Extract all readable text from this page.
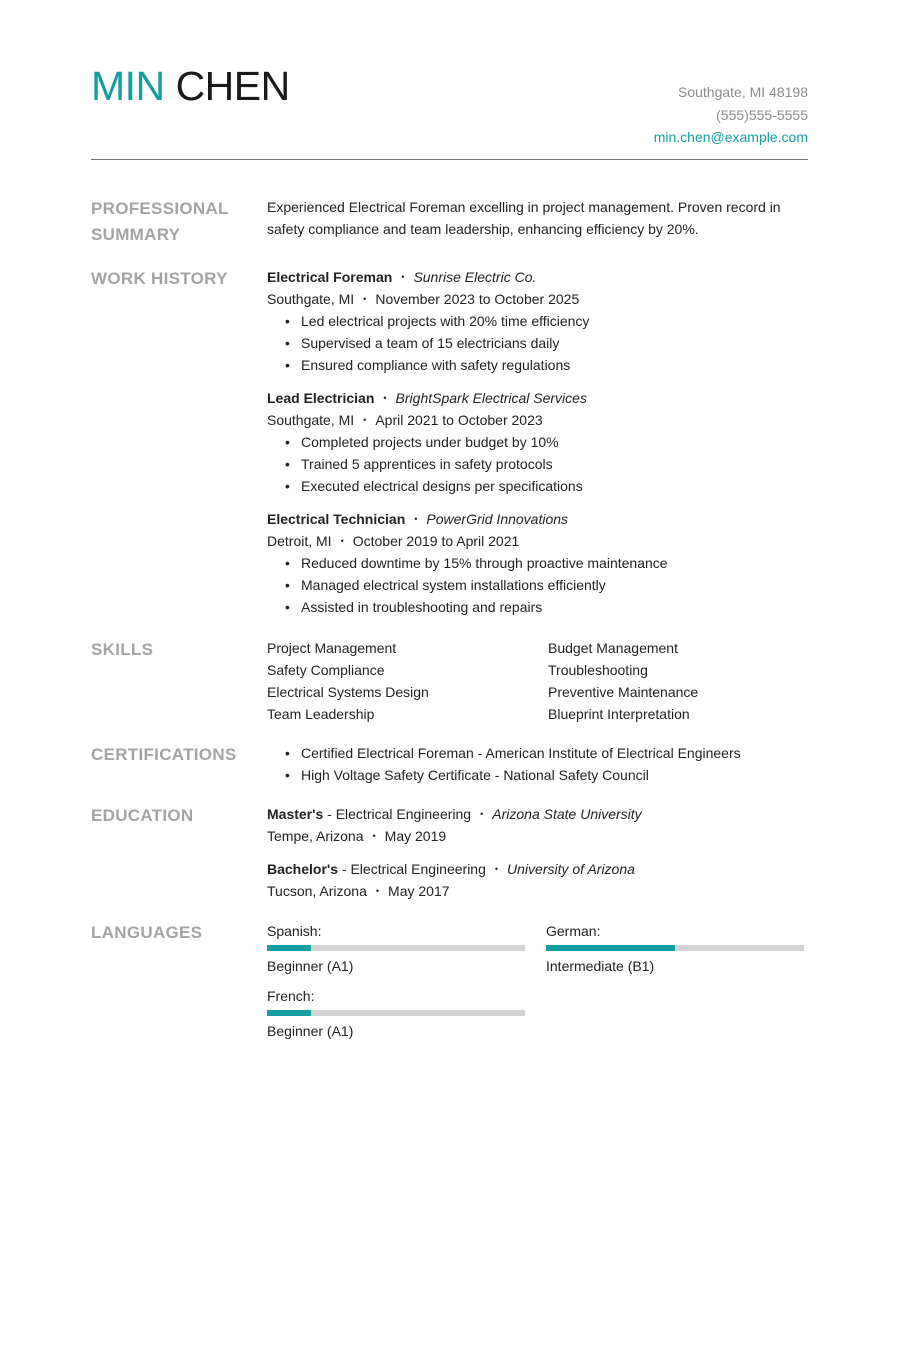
MIN CHEN	Southgate, MI 48198
(555)555-5555
min.chen@example.com
PROFESSIONAL SUMMARY
Experienced Electrical Foreman excelling in project management. Proven record in safety compliance and team leadership, enhancing efficiency by 20%.
WORK HISTORY	Electrical Foreman • Sunrise Electric Co.
Southgate, MI • November 2023 to October 2025
• Led electrical projects with 20% time efficiency
• Supervised a team of 15 electricians daily
• Ensured compliance with safety regulations
Lead Electrician • BrightSpark Electrical Services
Southgate, MI • April 2021 to October 2023
• Completed projects under budget by 10%
• Trained 5 apprentices in safety protocols
• Executed electrical designs per specifications
Electrical Technician • PowerGrid Innovations
Detroit, MI • October 2019 to April 2021
• Reduced downtime by 15% through proactive maintenance
• Managed electrical system installations efficiently
• Assisted in troubleshooting and repairs
SKILLS	Project Management	Budget Management
Safety Compliance	Troubleshooting
Electrical Systems Design	Preventive Maintenance
Team Leadership	Blueprint Interpretation
CERTIFICATIONS
•	Certified Electrical Foreman - American Institute of Electrical Engineers
• High Voltage Safety Certificate - National Safety Council
EDUCATION	Master's - Electrical Engineering • Arizona State University
Tempe, Arizona • May 2019
Bachelor's - Electrical Engineering • University of Arizona
Tucson, Arizona • May 2017
LANGUAGES	Spanish:
Beginner (A1)
German:
Intermediate (B1)
French:
Beginner (A1)
